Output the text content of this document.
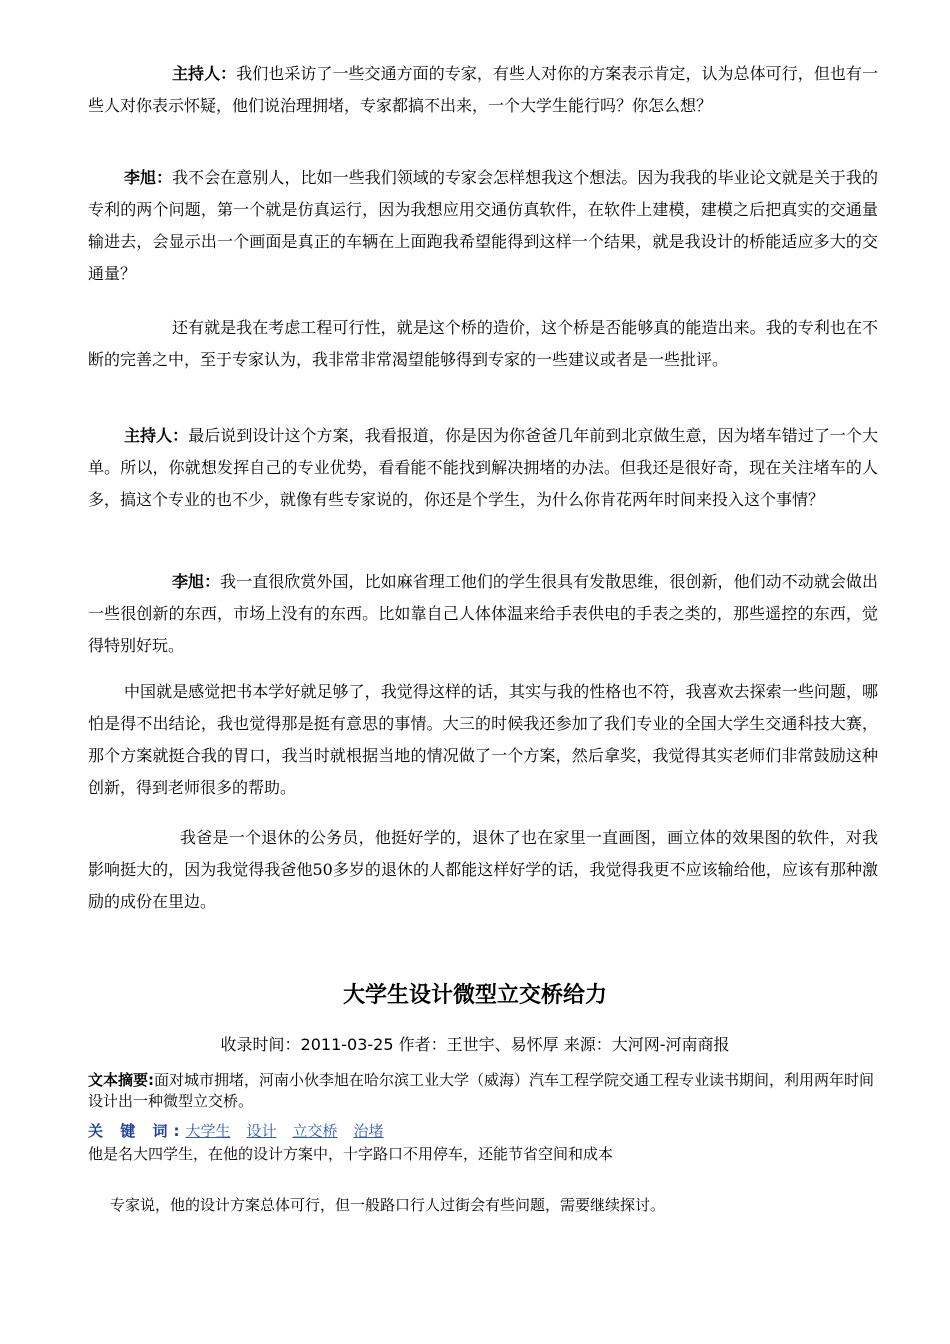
主持人：我们也采访了一些交通方面的专家，有些人对你的方案表示肯定，认为总体可行，但也有一些人对你表示怀疑，他们说治理拥堵，专家都搞不出来，一个大学生能行吗？你怎么想？

李旭：我不会在意别人，比如一些我们领域的专家会怎样想我这个想法。因为我我的毕业论文就是关于我的专利的两个问题，第一个就是仿真运行，因为我想应用交通仿真软件，在软件上建模，建模之后把真实的交通量输进去，会显示出一个画面是真正的车辆在上面跑我希望能得到这样一个结果，就是我设计的桥能适应多大的交通量？

还有就是我在考虑工程可行性，就是这个桥的造价，这个桥是否能够真的能造出来。我的专利也在不断的完善之中，至于专家认为，我非常非常渴望能够得到专家的一些建议或者是一些批评。

主持人：最后说到设计这个方案，我看报道，你是因为你爸爸几年前到北京做生意，因为堵车错过了一个大单。所以，你就想发挥自己的专业优势，看看能不能找到解决拥堵的办法。但我还是很好奇，现在关注堵车的人多，搞这个专业的也不少，就像有些专家说的，你还是个学生，为什么你肯花两年时间来投入这个事情？

李旭：我一直很欣赏外国，比如麻省理工他们的学生很具有发散思维，很创新，他们动不动就会做出一些很创新的东西，市场上没有的东西。比如靠自己人体体温来给手表供电的手表之类的，那些遥控的东西，觉得特别好玩。

中国就是感觉把书本学好就足够了，我觉得这样的话，其实与我的性格也不符，我喜欢去探索一些问题，哪怕是得不出结论，我也觉得那是挺有意思的事情。大三的时候我还参加了我们专业的全国大学生交通科技大赛，那个方案就挺合我的胃口，我当时就根据当地的情况做了一个方案，然后拿奖，我觉得其实老师们非常鼓励这种创新，得到老师很多的帮助。

我爸是一个退休的公务员，他挺好学的，退休了也在家里一直画图，画立体的效果图的软件，对我影响挺大的，因为我觉得我爸他50多岁的退休的人都能这样好学的话，我觉得我更不应该输给他，应该有那种激励的成份在里边。

大学生设计微型立交桥给力

收录时间：2011-03-25 作者：王世宇、易怀厚 来源：大河网-河南商报

文本摘要:面对城市拥堵，河南小伙李旭在哈尔滨工业大学（威海）汽车工程学院交通工程专业读书期间，利用两年时间设计出一种微型立交桥。

关 键 词:大学生 设计 立交桥 治堵

他是名大四学生，在他的设计方案中，十字路口不用停车，还能节省空间和成本

专家说，他的设计方案总体可行，但一般路口行人过街会有些问题，需要继续探讨。
